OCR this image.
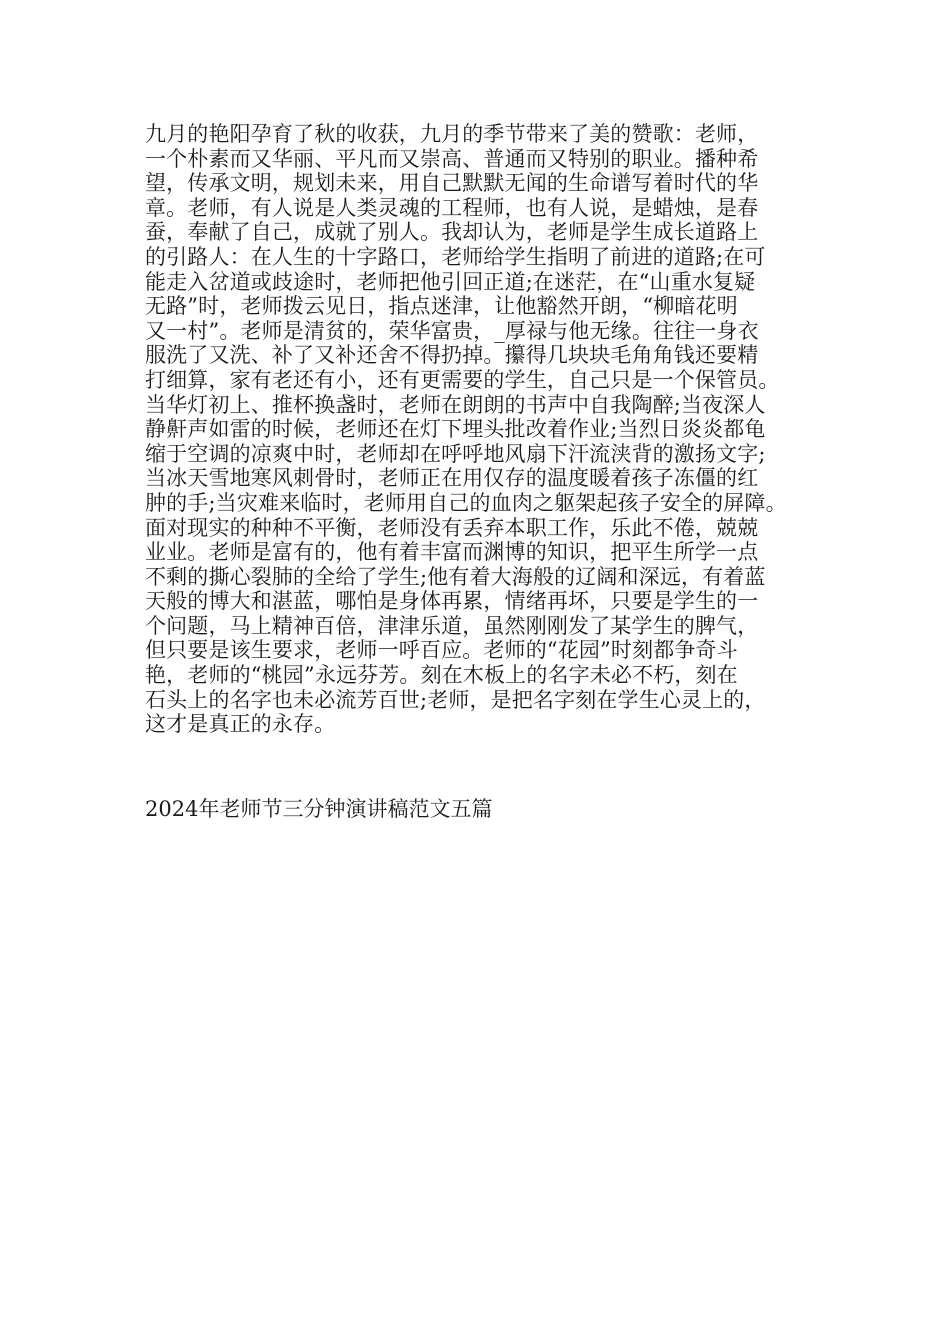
九月的艳阳孕育了秋的收获，九月的季节带来了美的赞歌：老师，
一个朴素而又华丽、平凡而又崇高、普通而又特别的职业。播种希
望，传承文明，规划未来，用自己默默无闻的生命谱写着时代的华
章。老师，有人说是人类灵魂的工程师，也有人说，是蜡烛，是春
蚕，奉献了自己，成就了别人。我却认为，老师是学生成长道路上
的引路人：在人生的十字路口，老师给学生指明了前进的道路;在可
能走入岔道或歧途时，老师把他引回正道;在迷茫，在“山重水复疑
无路”时，老师拨云见日，指点迷津，让他豁然开朗，“柳暗花明
又一村”。老师是清贫的，荣华富贵，_厚禄与他无缘。往往一身衣
服洗了又洗、补了又补还舍不得扔掉。攥得几块块毛角角钱还要精
打细算，家有老还有小，还有更需要的学生，自己只是一个保管员。
当华灯初上、推杯换盏时，老师在朗朗的书声中自我陶醉;当夜深人
静鼾声如雷的时候，老师还在灯下埋头批改着作业;当烈日炎炎都龟
缩于空调的凉爽中时，老师却在呼呼地风扇下汗流浃背的激扬文字;
当冰天雪地寒风刺骨时，老师正在用仅存的温度暖着孩子冻僵的红
肿的手;当灾难来临时，老师用自己的血肉之躯架起孩子安全的屏障。
面对现实的种种不平衡，老师没有丢弃本职工作，乐此不倦，兢兢
业业。老师是富有的，他有着丰富而渊博的知识，把平生所学一点
不剩的撕心裂肺的全给了学生;他有着大海般的辽阔和深远，有着蓝
天般的博大和湛蓝，哪怕是身体再累，情绪再坏，只要是学生的一
个问题，马上精神百倍，津津乐道，虽然刚刚发了某学生的脾气，
但只要是该生要求，老师一呼百应。老师的“花园”时刻都争奇斗
艳，老师的“桃园”永远芬芳。刻在木板上的名字未必不朽，刻在
石头上的名字也未必流芳百世;老师，是把名字刻在学生心灵上的，
这才是真正的永存。
2024年老师节三分钟演讲稿范文五篇
